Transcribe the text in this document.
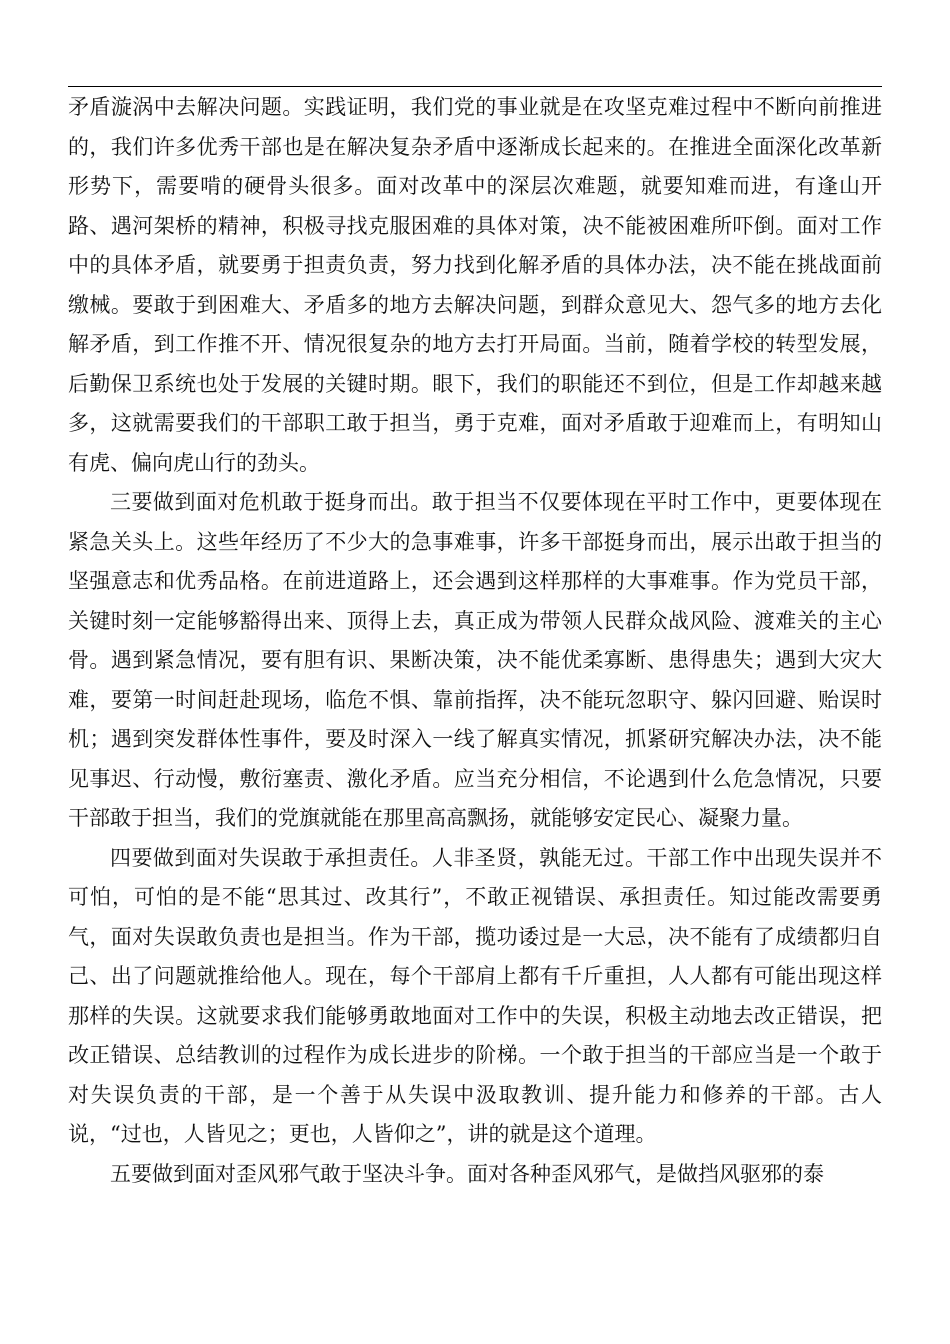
矛盾漩涡中去解决问题。实践证明，我们党的事业就是在攻坚克难过程中不断向前推进的，我们许多优秀干部也是在解决复杂矛盾中逐渐成长起来的。在推进全面深化改革新形势下，需要啃的硬骨头很多。面对改革中的深层次难题，就要知难而进，有逢山开路、遇河架桥的精神，积极寻找克服困难的具体对策，决不能被困难所吓倒。面对工作中的具体矛盾，就要勇于担责负责，努力找到化解矛盾的具体办法，决不能在挑战面前缴械。要敢于到困难大、矛盾多的地方去解决问题，到群众意见大、怨气多的地方去化解矛盾，到工作推不开、情况很复杂的地方去打开局面。当前，随着学校的转型发展，后勤保卫系统也处于发展的关键时期。眼下，我们的职能还不到位，但是工作却越来越多，这就需要我们的干部职工敢于担当，勇于克难，面对矛盾敢于迎难而上，有明知山有虎、偏向虎山行的劲头。

三要做到面对危机敢于挺身而出。敢于担当不仅要体现在平时工作中，更要体现在紧急关头上。这些年经历了不少大的急事难事，许多干部挺身而出，展示出敢于担当的坚强意志和优秀品格。在前进道路上，还会遇到这样那样的大事难事。作为党员干部，关键时刻一定能够豁得出来、顶得上去，真正成为带领人民群众战风险、渡难关的主心骨。遇到紧急情况，要有胆有识、果断决策，决不能优柔寡断、患得患失；遇到大灾大难，要第一时间赶赴现场，临危不惧、靠前指挥，决不能玩忽职守、躲闪回避、贻误时机；遇到突发群体性事件，要及时深入一线了解真实情况，抓紧研究解决办法，决不能见事迟、行动慢，敷衍塞责、激化矛盾。应当充分相信，不论遇到什么危急情况，只要干部敢于担当，我们的党旗就能在那里高高飘扬，就能够安定民心、凝聚力量。

四要做到面对失误敢于承担责任。人非圣贤，孰能无过。干部工作中出现失误并不可怕，可怕的是不能“思其过、改其行”，不敢正视错误、承担责任。知过能改需要勇气，面对失误敢负责也是担当。作为干部，揽功诿过是一大忌，决不能有了成绩都归自己、出了问题就推给他人。现在，每个干部肩上都有千斤重担，人人都有可能出现这样那样的失误。这就要求我们能够勇敢地面对工作中的失误，积极主动地去改正错误，把改正错误、总结教训的过程作为成长进步的阶梯。一个敢于担当的干部应当是一个敢于对失误负责的干部，是一个善于从失误中汲取教训、提升能力和修养的干部。古人说，“过也，人皆见之；更也，人皆仰之”，讲的就是这个道理。

五要做到面对歪风邪气敢于坚决斗争。面对各种歪风邪气，是做挡风驱邪的泰
